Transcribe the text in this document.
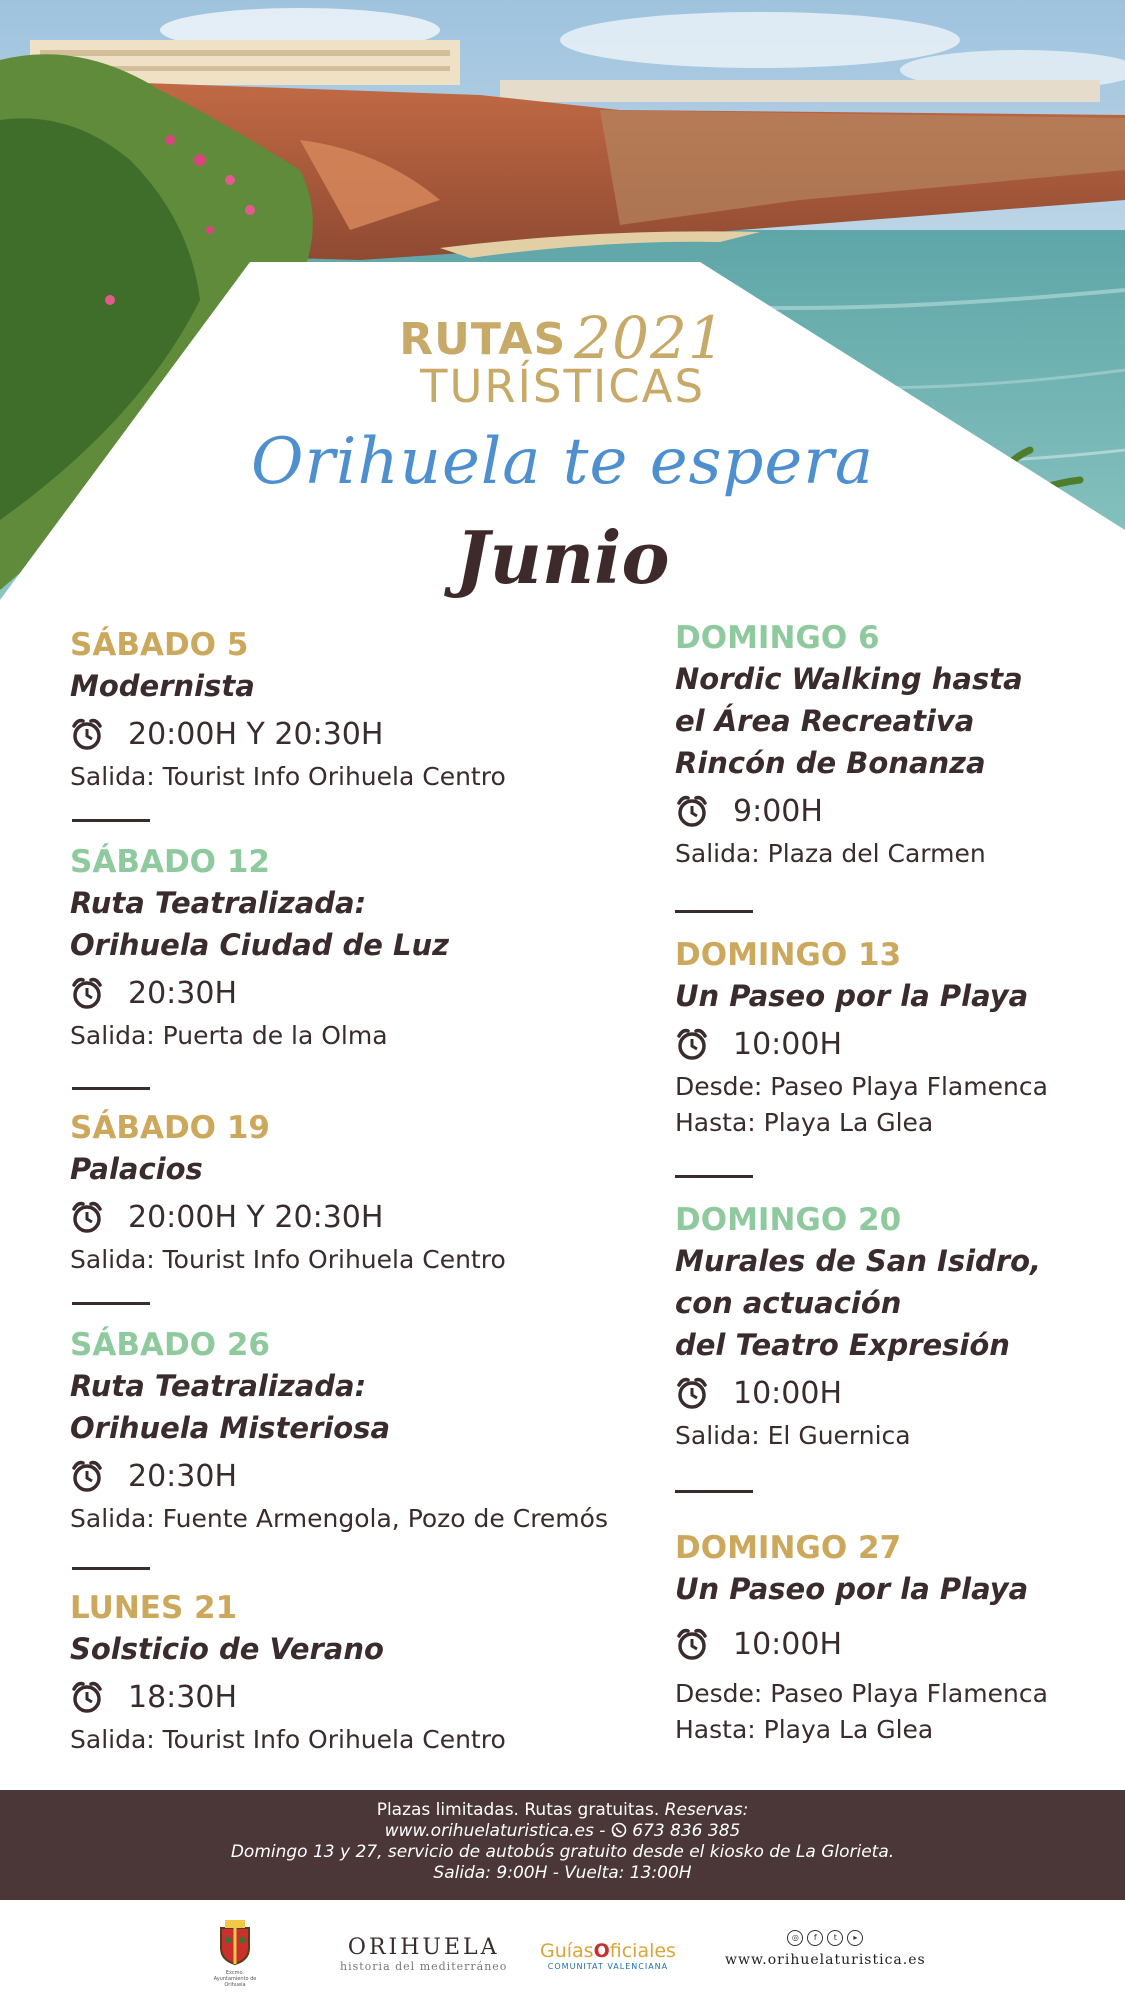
RUTAS 2021
TURÍSTICAS
Orihuela te espera
Junio
SÁBADO 5
Modernista
20:00H Y 20:30H
Salida: Tourist Info Orihuela Centro
SÁBADO 12
Ruta Teatralizada:
Orihuela Ciudad de Luz
20:30H
Salida: Puerta de la Olma
SÁBADO 19
Palacios
20:00H Y 20:30H
Salida: Tourist Info Orihuela Centro
SÁBADO 26
Ruta Teatralizada:
Orihuela Misteriosa
20:30H
Salida: Fuente Armengola, Pozo de Cremós
LUNES 21
Solsticio de Verano
18:30H
Salida: Tourist Info Orihuela Centro
DOMINGO 6
Nordic Walking hasta
el Área Recreativa
Rincón de Bonanza
9:00H
Salida: Plaza del Carmen
DOMINGO 13
Un Paseo por la Playa
10:00H
Desde: Paseo Playa Flamenca
Hasta: Playa La Glea
DOMINGO 20
Murales de San Isidro,
con actuación
del Teatro Expresión
10:00H
Salida: El Guernica
DOMINGO 27
Un Paseo por la Playa
10:00H
Desde: Paseo Playa Flamenca
Hasta: Playa La Glea
Plazas limitadas. Rutas gratuitas. Reservas:
www.orihuelaturistica.es -  673 836 385
Domingo 13 y 27, servicio de autobús gratuito desde el kiosko de La Glorieta.
Salida: 9:00H - Vuelta: 13:00H
Excmo. Ayuntamiento de Orihuela
ORIHUELA
historia del mediterráneo
GuíasOficiales
COMUNITAT VALENCIANA
◎	f	t	▸
www.orihuelaturistica.es
